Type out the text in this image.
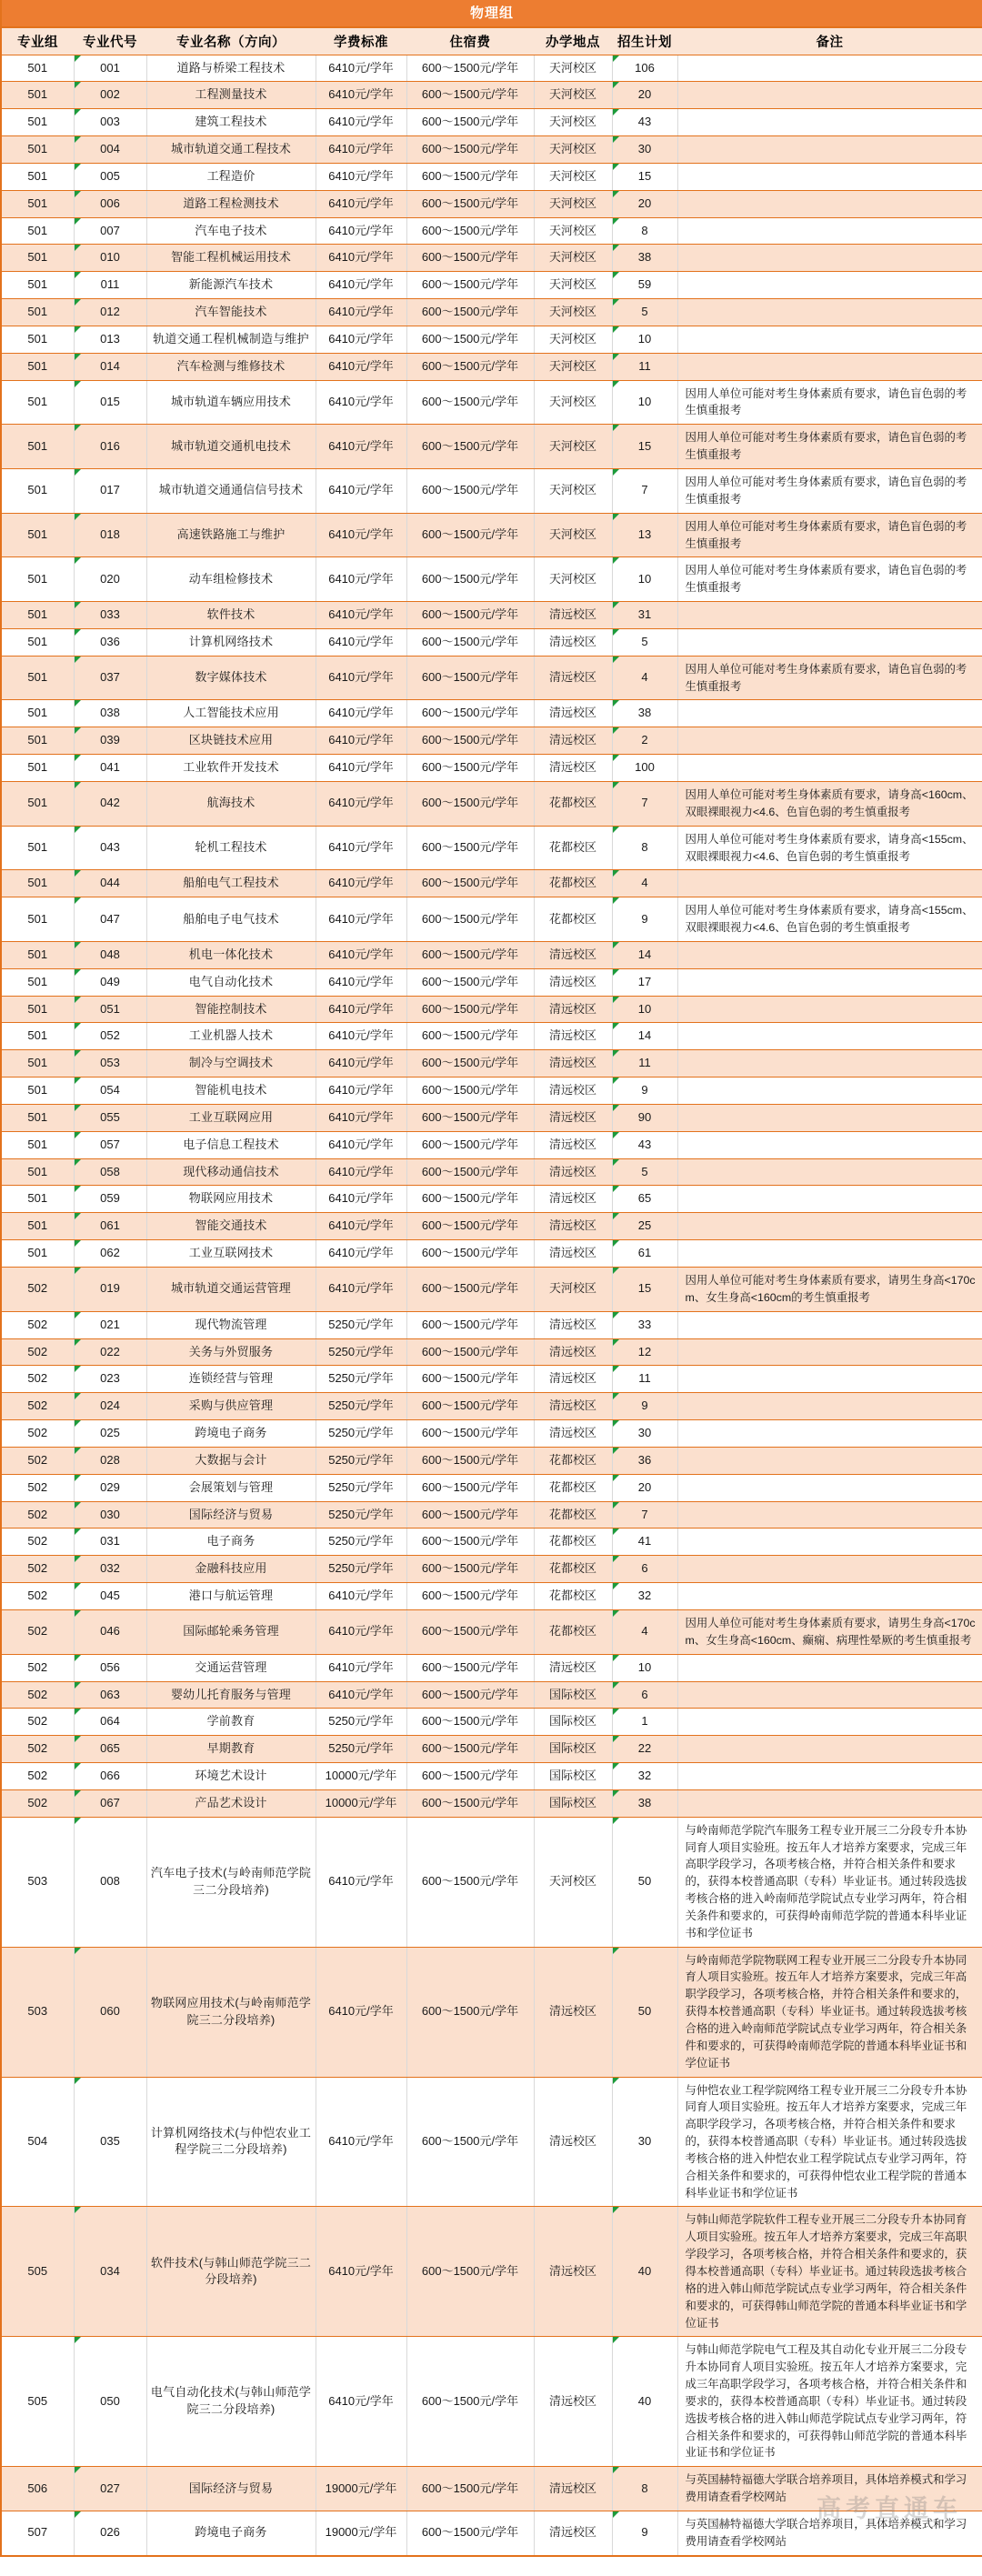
物理组							
专业组	专业代号	专业名称（方向）	学费标准	住宿费	办学地点	招生计划	备注
501	001	道路与桥梁工程技术	6410元/学年	600～1500元/学年	天河校区	106

501	002	工程测量技术	6410元/学年	600～1500元/学年	天河校区	20

501	003	建筑工程技术	6410元/学年	600～1500元/学年	天河校区	43

501	004	城市轨道交通工程技术	6410元/学年	600～1500元/学年	天河校区	30

501	005	工程造价	6410元/学年	600～1500元/学年	天河校区	15

501	006	道路工程检测技术	6410元/学年	600～1500元/学年	天河校区	20

501	007	汽车电子技术	6410元/学年	600～1500元/学年	天河校区	8

501	010	智能工程机械运用技术	6410元/学年	600～1500元/学年	天河校区	38

501	011	新能源汽车技术	6410元/学年	600～1500元/学年	天河校区	59

501	012	汽车智能技术	6410元/学年	600～1500元/学年	天河校区	5

501	013	轨道交通工程机械制造与维护	6410元/学年	600～1500元/学年	天河校区	10

501	014	汽车检测与维修技术	6410元/学年	600～1500元/学年	天河校区	11

501	015	城市轨道车辆应用技术	6410元/学年	600～1500元/学年	天河校区	10	因用人单位可能对考生身体素质有要求，请色盲色弱的考生慎重报考
501	016	城市轨道交通机电技术	6410元/学年	600～1500元/学年	天河校区	15	因用人单位可能对考生身体素质有要求，请色盲色弱的考生慎重报考
501	017	城市轨道交通通信信号技术	6410元/学年	600～1500元/学年	天河校区	7	因用人单位可能对考生身体素质有要求，请色盲色弱的考生慎重报考
501	018	高速铁路施工与维护	6410元/学年	600～1500元/学年	天河校区	13	因用人单位可能对考生身体素质有要求，请色盲色弱的考生慎重报考
501	020	动车组检修技术	6410元/学年	600～1500元/学年	天河校区	10	因用人单位可能对考生身体素质有要求，请色盲色弱的考生慎重报考
501	033	软件技术	6410元/学年	600～1500元/学年	清远校区	31

501	036	计算机网络技术	6410元/学年	600～1500元/学年	清远校区	5

501	037	数字媒体技术	6410元/学年	600～1500元/学年	清远校区	4	因用人单位可能对考生身体素质有要求，请色盲色弱的考生慎重报考
501	038	人工智能技术应用	6410元/学年	600～1500元/学年	清远校区	38

501	039	区块链技术应用	6410元/学年	600～1500元/学年	清远校区	2

501	041	工业软件开发技术	6410元/学年	600～1500元/学年	清远校区	100

501	042	航海技术	6410元/学年	600～1500元/学年	花都校区	7	因用人单位可能对考生身体素质有要求，请身高<160cm、双眼裸眼视力<4.6、色盲色弱的考生慎重报考
501	043	轮机工程技术	6410元/学年	600～1500元/学年	花都校区	8	因用人单位可能对考生身体素质有要求，请身高<155cm、双眼裸眼视力<4.6、色盲色弱的考生慎重报考
501	044	船舶电气工程技术	6410元/学年	600～1500元/学年	花都校区	4

501	047	船舶电子电气技术	6410元/学年	600～1500元/学年	花都校区	9	因用人单位可能对考生身体素质有要求，请身高<155cm、双眼裸眼视力<4.6、色盲色弱的考生慎重报考
501	048	机电一体化技术	6410元/学年	600～1500元/学年	清远校区	14

501	049	电气自动化技术	6410元/学年	600～1500元/学年	清远校区	17

501	051	智能控制技术	6410元/学年	600～1500元/学年	清远校区	10

501	052	工业机器人技术	6410元/学年	600～1500元/学年	清远校区	14

501	053	制冷与空调技术	6410元/学年	600～1500元/学年	清远校区	11

501	054	智能机电技术	6410元/学年	600～1500元/学年	清远校区	9

501	055	工业互联网应用	6410元/学年	600～1500元/学年	清远校区	90

501	057	电子信息工程技术	6410元/学年	600～1500元/学年	清远校区	43

501	058	现代移动通信技术	6410元/学年	600～1500元/学年	清远校区	5

501	059	物联网应用技术	6410元/学年	600～1500元/学年	清远校区	65

501	061	智能交通技术	6410元/学年	600～1500元/学年	清远校区	25

501	062	工业互联网技术	6410元/学年	600～1500元/学年	清远校区	61

502	019	城市轨道交通运营管理	6410元/学年	600～1500元/学年	天河校区	15	因用人单位可能对考生身体素质有要求，请男生身高<170cm、女生身高<160cm的考生慎重报考
502	021	现代物流管理	5250元/学年	600～1500元/学年	清远校区	33

502	022	关务与外贸服务	5250元/学年	600～1500元/学年	清远校区	12

502	023	连锁经营与管理	5250元/学年	600～1500元/学年	清远校区	11

502	024	采购与供应管理	5250元/学年	600～1500元/学年	清远校区	9

502	025	跨境电子商务	5250元/学年	600～1500元/学年	清远校区	30

502	028	大数据与会计	5250元/学年	600～1500元/学年	花都校区	36

502	029	会展策划与管理	5250元/学年	600～1500元/学年	花都校区	20

502	030	国际经济与贸易	5250元/学年	600～1500元/学年	花都校区	7

502	031	电子商务	5250元/学年	600～1500元/学年	花都校区	41

502	032	金融科技应用	5250元/学年	600～1500元/学年	花都校区	6

502	045	港口与航运管理	6410元/学年	600～1500元/学年	花都校区	32

502	046	国际邮轮乘务管理	6410元/学年	600～1500元/学年	花都校区	4	因用人单位可能对考生身体素质有要求，请男生身高<170cm、女生身高<160cm、癫痫、病理性晕厥的考生慎重报考
502	056	交通运营管理	6410元/学年	600～1500元/学年	清远校区	10

502	063	婴幼儿托育服务与管理	6410元/学年	600～1500元/学年	国际校区	6

502	064	学前教育	5250元/学年	600～1500元/学年	国际校区	1

502	065	早期教育	5250元/学年	600～1500元/学年	国际校区	22

502	066	环境艺术设计	10000元/学年	600～1500元/学年	国际校区	32

502	067	产品艺术设计	10000元/学年	600～1500元/学年	国际校区	38

503	008	汽车电子技术(与岭南师范学院三二分段培养)	6410元/学年	600～1500元/学年	天河校区	50	与岭南师范学院汽车服务工程专业开展三二分段专升本协同育人项目实验班。按五年人才培养方案要求，完成三年高职学段学习，各项考核合格，并符合相关条件和要求的，获得本校普通高职（专科）毕业证书。通过转段选拔考核合格的进入岭南师范学院试点专业学习两年，符合相关条件和要求的，可获得岭南师范学院的普通本科毕业证书和学位证书
503	060	物联网应用技术(与岭南师范学院三二分段培养)	6410元/学年	600～1500元/学年	清远校区	50	与岭南师范学院物联网工程专业开展三二分段专升本协同育人项目实验班。按五年人才培养方案要求，完成三年高职学段学习，各项考核合格，并符合相关条件和要求的，获得本校普通高职（专科）毕业证书。通过转段选拔考核合格的进入岭南师范学院试点专业学习两年，符合相关条件和要求的，可获得岭南师范学院的普通本科毕业证书和学位证书
504	035	计算机网络技术(与仲恺农业工程学院三二分段培养)	6410元/学年	600～1500元/学年	清远校区	30	与仲恺农业工程学院网络工程专业开展三二分段专升本协同育人项目实验班。按五年人才培养方案要求，完成三年高职学段学习，各项考核合格，并符合相关条件和要求的，获得本校普通高职（专科）毕业证书。通过转段选拔考核合格的进入仲恺农业工程学院试点专业学习两年，符合相关条件和要求的，可获得仲恺农业工程学院的普通本科毕业证书和学位证书
505	034	软件技术(与韩山师范学院三二分段培养)	6410元/学年	600～1500元/学年	清远校区	40	与韩山师范学院软件工程专业开展三二分段专升本协同育人项目实验班。按五年人才培养方案要求，完成三年高职学段学习，各项考核合格，并符合相关条件和要求的，获得本校普通高职（专科）毕业证书。通过转段选拔考核合格的进入韩山师范学院试点专业学习两年，符合相关条件和要求的，可获得韩山师范学院的普通本科毕业证书和学位证书
505	050	电气自动化技术(与韩山师范学院三二分段培养)	6410元/学年	600～1500元/学年	清远校区	40	与韩山师范学院电气工程及其自动化专业开展三二分段专升本协同育人项目实验班。按五年人才培养方案要求，完成三年高职学段学习，各项考核合格，并符合相关条件和要求的，获得本校普通高职（专科）毕业证书。通过转段选拔考核合格的进入韩山师范学院试点专业学习两年，符合相关条件和要求的，可获得韩山师范学院的普通本科毕业证书和学位证书
506	027	国际经济与贸易	19000元/学年	600～1500元/学年	清远校区	8	与英国赫特福德大学联合培养项目，具体培养模式和学习费用请查看学校网站
507	026	跨境电子商务	19000元/学年	600～1500元/学年	清远校区	9	与英国赫特福德大学联合培养项目，具体培养模式和学习费用请查看学校网站
高考直通车
